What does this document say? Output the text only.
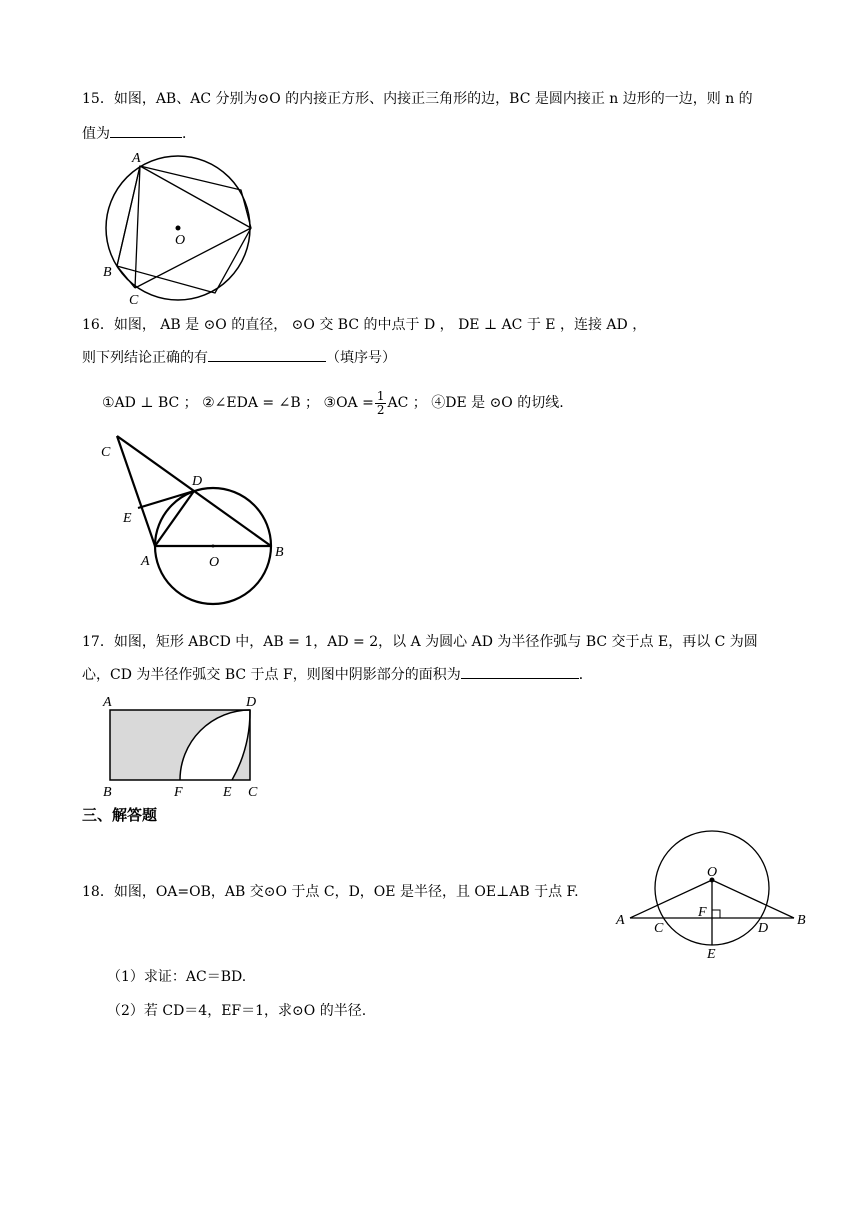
15．如图，AB、AC 分别为⊙O 的内接正方形、内接正三角形的边，BC 是圆内接正 n 边形的一边，则 n 的
值为	．
A
O
B
C
16．如图， AB 是 ⊙O 的直径， ⊙O 交 BC 的中点于 D ， DE ⊥ AC 于 E ，连接 AD ，
则下列结论正确的有	（填序号）
①AD ⊥ BC ； ②∠EDA = ∠B ； ③OA = $\frac{1}{2}$ AC ； ④DE 是 ⊙O 的切线.
C
D
E
A	O
B
17．如图，矩形 ABCD 中，AB = 1，AD = 2，以 A 为圆心 AD 为半径作弧与 BC 交于点 E，再以 C 为圆
心，CD 为半径作弧交 BC 于点 F，则图中阴影部分的面积为	．
A	D
B	F	E C
三、解答题
18．如图，OA=OB，AB 交⊙O 于点 C，D，OE 是半径，且 OE⊥AB 于点 F.
O
F
A
C	D
B
E
（1）求证：AC＝BD.
（2）若 CD＝4，EF＝1，求⊙O 的半径.
